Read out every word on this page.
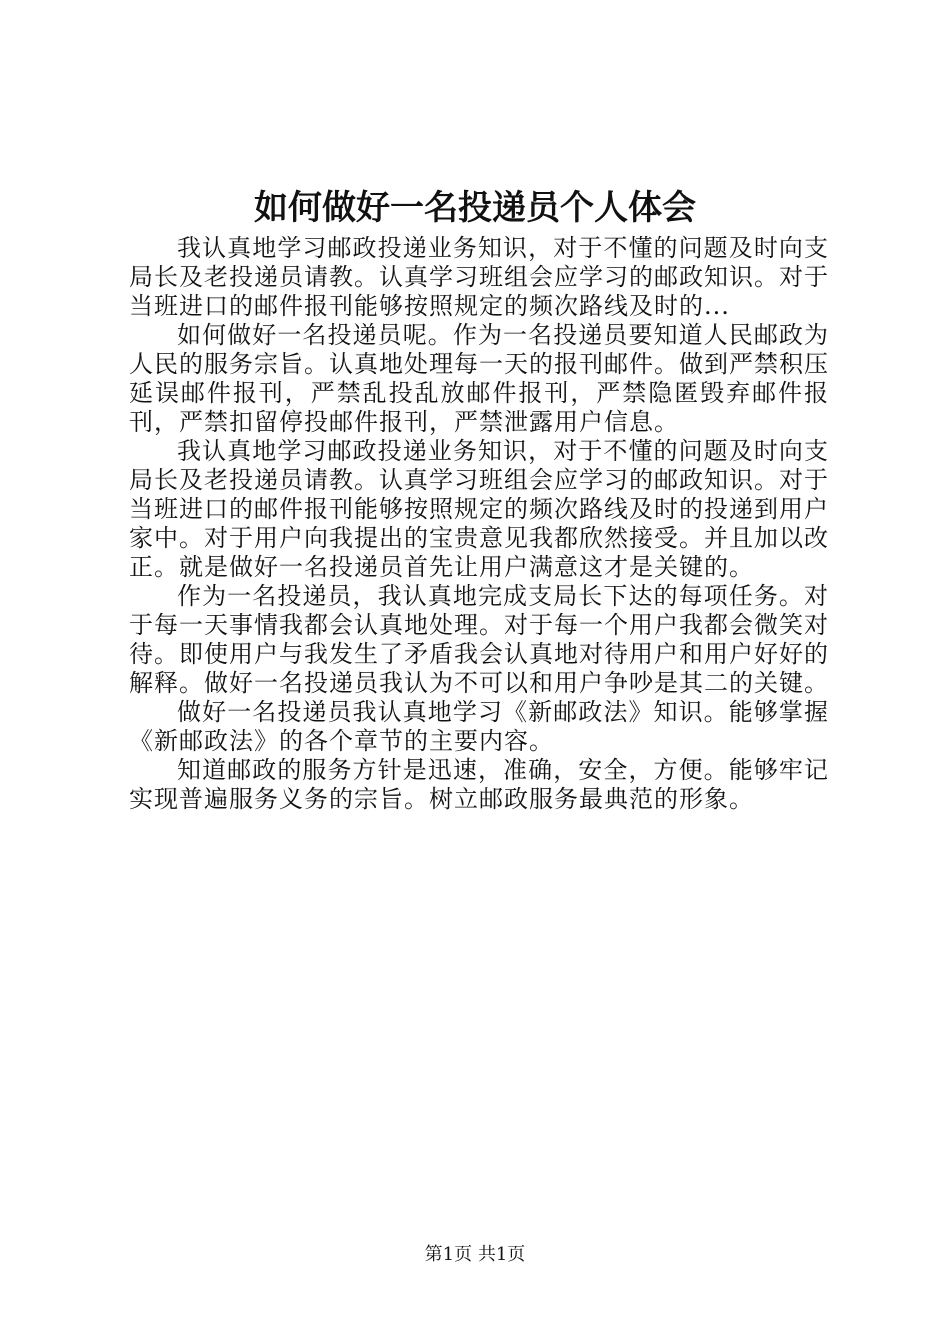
如何做好一名投递员个人体会

我认真地学习邮政投递业务知识，对于不懂的问题及时向支局长及老投递员请教。认真学习班组会应学习的邮政知识。对于当班进口的邮件报刊能够按照规定的频次路线及时的...

如何做好一名投递员呢。作为一名投递员要知道人民邮政为人民的服务宗旨。认真地处理每一天的报刊邮件。做到严禁积压延误邮件报刊，严禁乱投乱放邮件报刊，严禁隐匿毁弃邮件报刊，严禁扣留停投邮件报刊，严禁泄露用户信息。

我认真地学习邮政投递业务知识，对于不懂的问题及时向支局长及老投递员请教。认真学习班组会应学习的邮政知识。对于当班进口的邮件报刊能够按照规定的频次路线及时的投递到用户家中。对于用户向我提出的宝贵意见我都欣然接受。并且加以改正。就是做好一名投递员首先让用户满意这才是关键的。

作为一名投递员，我认真地完成支局长下达的每项任务。对于每一天事情我都会认真地处理。对于每一个用户我都会微笑对待。即使用户与我发生了矛盾我会认真地对待用户和用户好好的解释。做好一名投递员我认为不可以和用户争吵是其二的关键。

做好一名投递员我认真地学习《新邮政法》知识。能够掌握《新邮政法》的各个章节的主要内容。

知道邮政的服务方针是迅速，准确，安全，方便。能够牢记实现普遍服务义务的宗旨。树立邮政服务最典范的形象。

第1页 共1页
